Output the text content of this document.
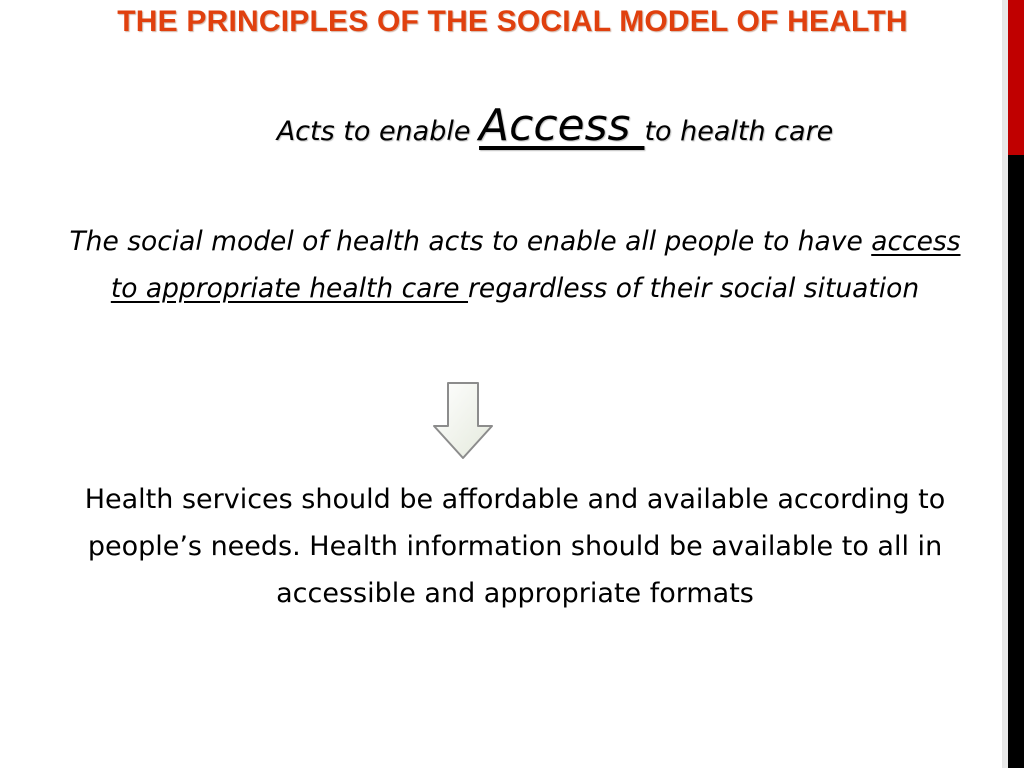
THE PRINCIPLES OF THE SOCIAL MODEL OF HEALTH
Acts to enable Access to health care
The social model of health acts to enable all people to have access to appropriate health care regardless of their social situation
Health services should be affordable and available according to people’s needs. Health information should be available to all in accessible and appropriate formats
